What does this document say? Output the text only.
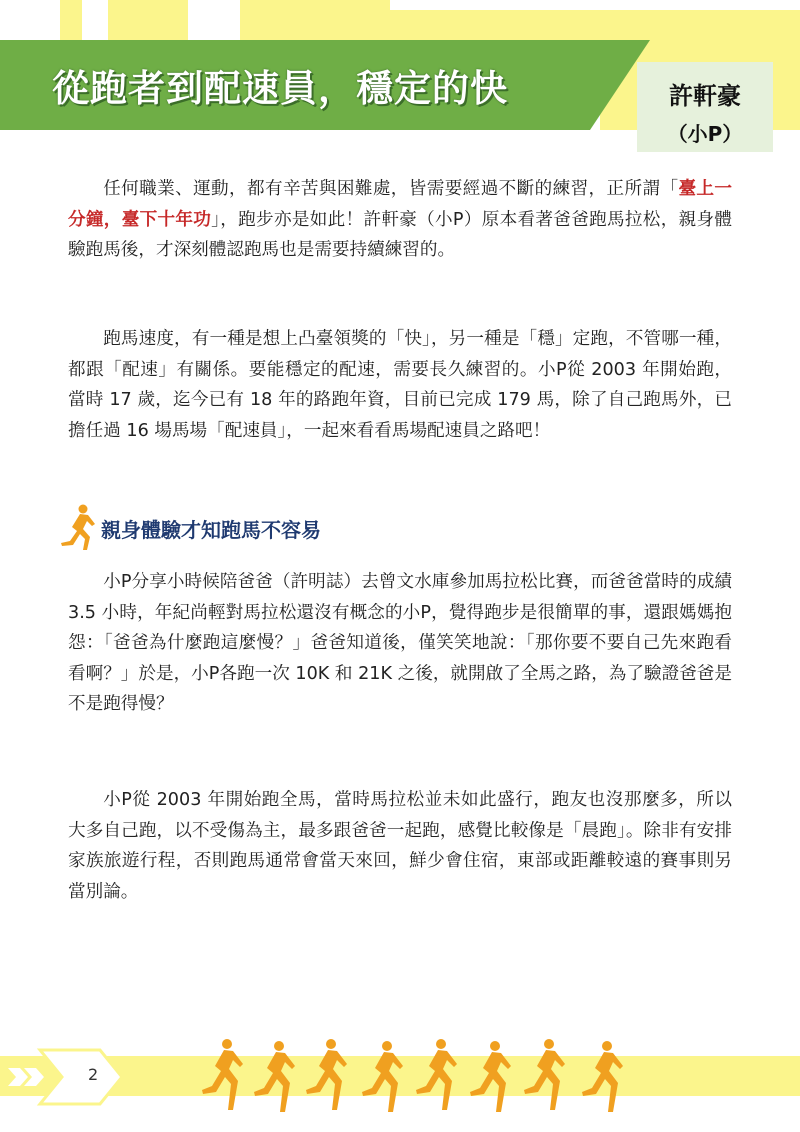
從跑者到配速員，穩定的快	許軒豪
（小P）

任何職業、運動，都有辛苦與困難處，皆需要經過不斷的練習，正所謂「臺上一分鐘，臺下十年功」，跑步亦是如此！許軒豪（小P）原本看著爸爸跑馬拉松，親身體驗跑馬後，才深刻體認跑馬也是需要持續練習的。

跑馬速度，有一種是想上凸臺領獎的「快」，另一種是「穩」定跑，不管哪一種，都跟「配速」有關係。要能穩定的配速，需要長久練習的。小P從 2003 年開始跑，當時 17 歲，迄今已有 18 年的路跑年資，目前已完成 179 馬，除了自己跑馬外，已擔任過 16 場馬場「配速員」，一起來看看馬場配速員之路吧！

親身體驗才知跑馬不容易

小P分享小時候陪爸爸（許明誌）去曾文水庫參加馬拉松比賽，而爸爸當時的成績 3.5 小時，年紀尚輕對馬拉松還沒有概念的小P，覺得跑步是很簡單的事，還跟媽媽抱怨：「爸爸為什麼跑這麼慢？」爸爸知道後，僅笑笑地說：「那你要不要自己先來跑看看啊？」於是，小P各跑一次 10K 和 21K 之後，就開啟了全馬之路，為了驗證爸爸是不是跑得慢？

小P從 2003 年開始跑全馬，當時馬拉松並未如此盛行，跑友也沒那麼多，所以大多自己跑，以不受傷為主，最多跟爸爸一起跑，感覺比較像是「晨跑」。除非有安排家族旅遊行程，否則跑馬通常會當天來回，鮮少會住宿，東部或距離較遠的賽事則另當別論。

2
